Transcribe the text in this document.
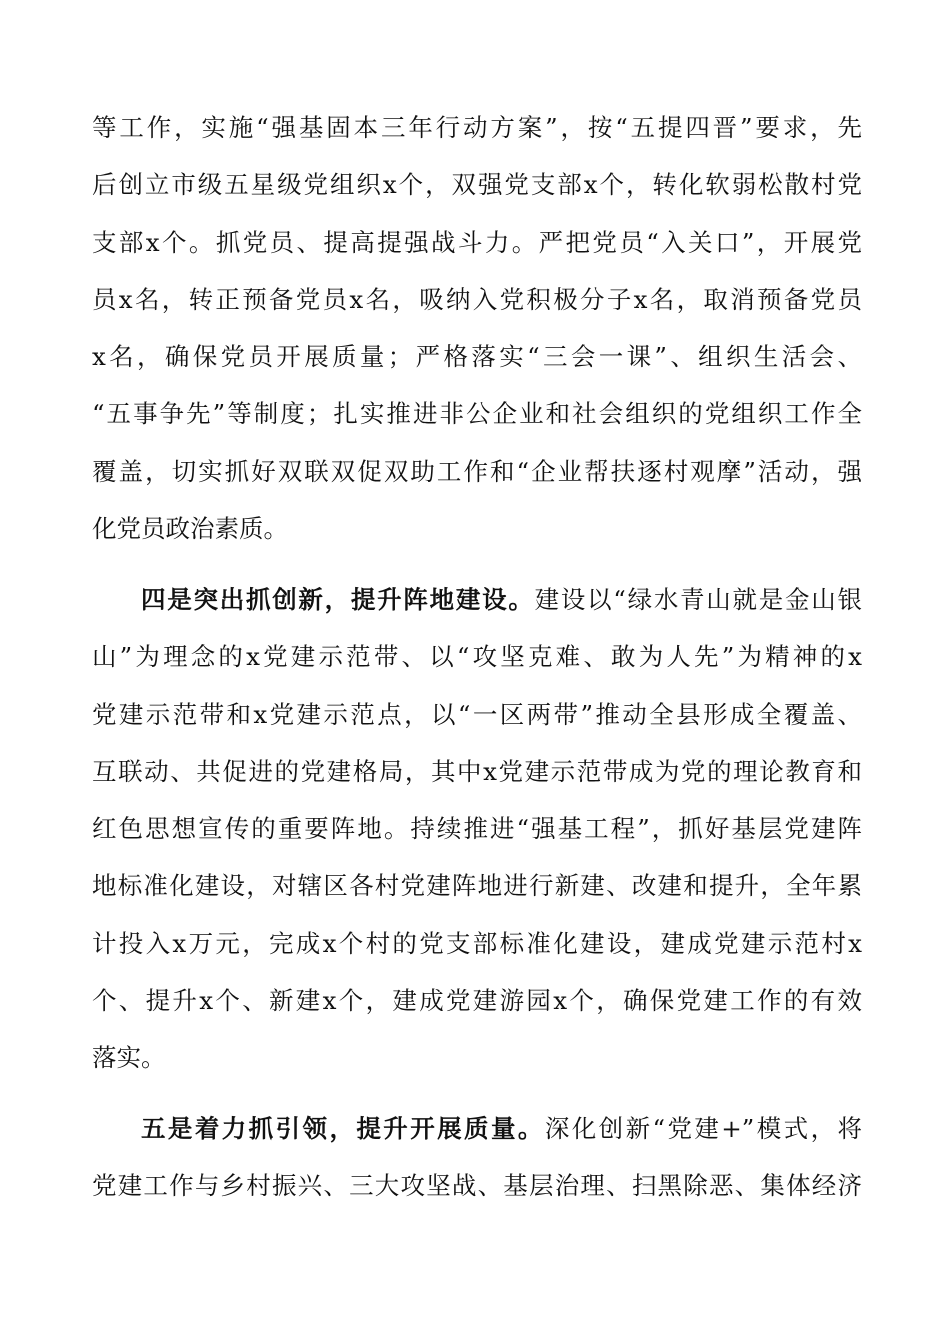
等工作，实施“强基固本三年行动方案”，按“五提四晋”要求，先
后创立市级五星级党组织x个，双强党支部x个，转化软弱松散村党
支部x个。抓党员、提高提强战斗力。严把党员“入关口”，开展党
员x名，转正预备党员x名，吸纳入党积极分子x名，取消预备党员
x名，确保党员开展质量；严格落实“三会一课”、组织生活会、
“五事争先”等制度；扎实推进非公企业和社会组织的党组织工作全
覆盖，切实抓好双联双促双助工作和“企业帮扶逐村观摩”活动，强
化党员政治素质。
四是突出抓创新，提升阵地建设。建设以“绿水青山就是金山银
山”为理念的x党建示范带、以“攻坚克难、敢为人先”为精神的x
党建示范带和x党建示范点，以“一区两带”推动全县形成全覆盖、
互联动、共促进的党建格局，其中x党建示范带成为党的理论教育和
红色思想宣传的重要阵地。持续推进“强基工程”，抓好基层党建阵
地标准化建设，对辖区各村党建阵地进行新建、改建和提升，全年累
计投入x万元，完成x个村的党支部标准化建设，建成党建示范村x
个、提升x个、新建x个，建成党建游园x个，确保党建工作的有效
落实。
五是着力抓引领，提升开展质量。深化创新“党建+”模式，将
党建工作与乡村振兴、三大攻坚战、基层治理、扫黑除恶、集体经济
